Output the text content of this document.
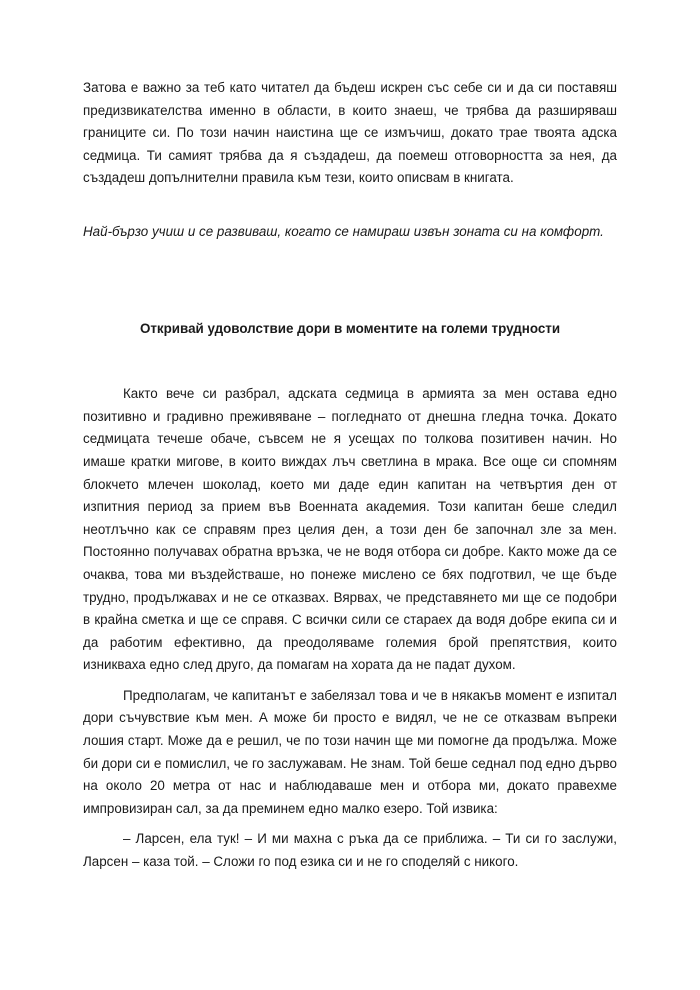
Затова е важно за теб като читател да бъдеш искрен със себе си и да си поставяш предизвикателства именно в области, в които знаеш, че трябва да разширяваш границите си. По този начин наистина ще се измъчиш, докато трае твоята адска седмица. Ти самият трябва да я създадеш, да поемеш отговорността за нея, да създадеш допълнителни правила към тези, които описвам в книгата.

Най-бързо учиш и се развиваш, когато се намираш извън зоната си на комфорт.

Откривай удоволствие дори в моментите на големи трудности

Както вече си разбрал, адската седмица в армията за мен остава едно позитивно и градивно преживяване – погледнато от днешна гледна точка. Докато седмицата течеше обаче, съвсем не я усещах по толкова позитивен начин. Но имаше кратки мигове, в които виждах лъч светлина в мрака. Все още си спомням блокчето млечен шоколад, което ми даде един капитан на четвъртия ден от изпитния период за прием във Военната академия. Този капитан беше следил неотлъчно как се справям през целия ден, а този ден бе започнал зле за мен. Постоянно получавах обратна връзка, че не водя отбора си добре. Както може да се очаква, това ми въздействаше, но понеже мислено се бях подготвил, че ще бъде трудно, продължавах и не се отказвах. Вярвах, че представянето ми ще се подобри в крайна сметка и ще се справя. С всички сили се стараех да водя добре екипа си и да работим ефективно, да преодоляваме големия брой препятствия, които изникваха едно след друго, да помагам на хората да не падат духом.

Предполагам, че капитанът е забелязал това и че в някакъв момент е изпитал дори съчувствие към мен. А може би просто е видял, че не се отказвам въпреки лошия старт. Може да е решил, че по този начин ще ми помогне да продължа. Може би дори си е помислил, че го заслужавам. Не знам. Той беше седнал под едно дърво на около 20 метра от нас и наблюдаваше мен и отбора ми, докато правехме импровизиран сал, за да преминем едно малко езеро. Той извика:

– Ларсен, ела тук! – И ми махна с ръка да се приближа. – Ти си го заслужи, Ларсен – каза той. – Сложи го под езика си и не го споделяй с никого.
